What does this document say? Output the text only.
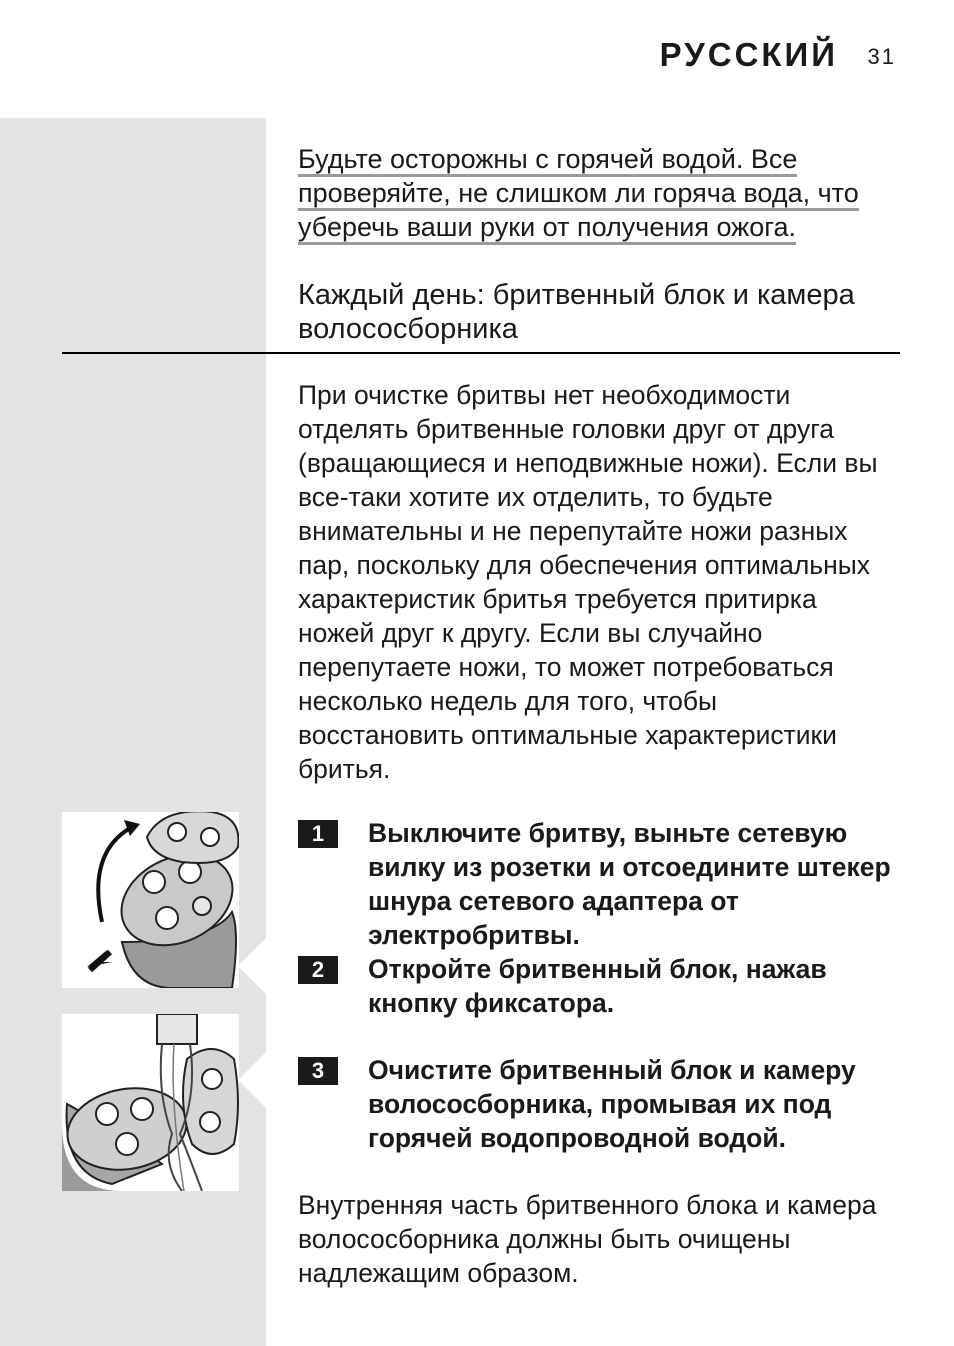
РУССКИЙ 31

Будьте осторожны с горячей водой. Все

проверяйте, не слишком ли горяча вода, что

уберечь ваши руки от получения ожога.

Каждый день: бритвенный блок и камера волососборника

При очистке бритвы нет необходимости
отделять бритвенные головки друг от друга
(вращающиеся и неподвижные ножи). Если вы
все-таки хотите их отделить, то будьте
внимательны и не перепутайте ножи разных
пар, поскольку для обеспечения оптимальных
характеристик бритья требуется притирка
ножей друг к другу. Если вы случайно
перепутаете ножи, то может потребоваться
несколько недель для того, чтобы
восстановить оптимальные характеристики
бритья.

1	Выключите бритву, выньте сетевую вилку из розетки и отсоедините штекер шнура сетевого адаптера от электробритвы.
2	Откройте бритвенный блок, нажав кнопку фиксатора.
3	Очистите бритвенный блок и камеру волососборника, промывая их под горячей водопроводной водой.

Внутренняя часть бритвенного блока и камера волососборника должны быть очищены надлежащим образом.
